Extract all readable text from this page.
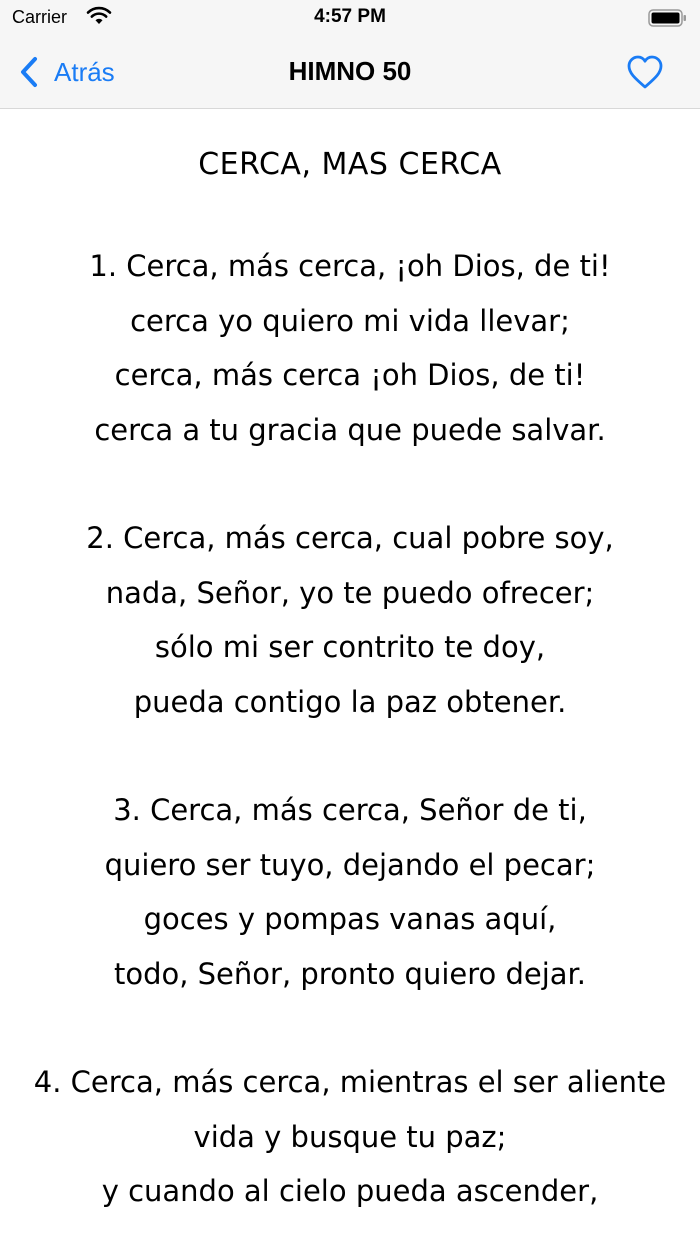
Carrier	4:57 PM
Atrás	HIMNO 50
CERCA, MAS CERCA
1. Cerca, más cerca, ¡oh Dios, de ti!
cerca yo quiero mi vida llevar;
cerca, más cerca ¡oh Dios, de ti!
cerca a tu gracia que puede salvar.
2. Cerca, más cerca, cual pobre soy,
nada, Señor, yo te puedo ofrecer;
sólo mi ser contrito te doy,
pueda contigo la paz obtener.
3. Cerca, más cerca, Señor de ti,
quiero ser tuyo, dejando el pecar;
goces y pompas vanas aquí,
todo, Señor, pronto quiero dejar.
4. Cerca, más cerca, mientras el ser aliente
vida y busque tu paz;
y cuando al cielo pueda ascender,
